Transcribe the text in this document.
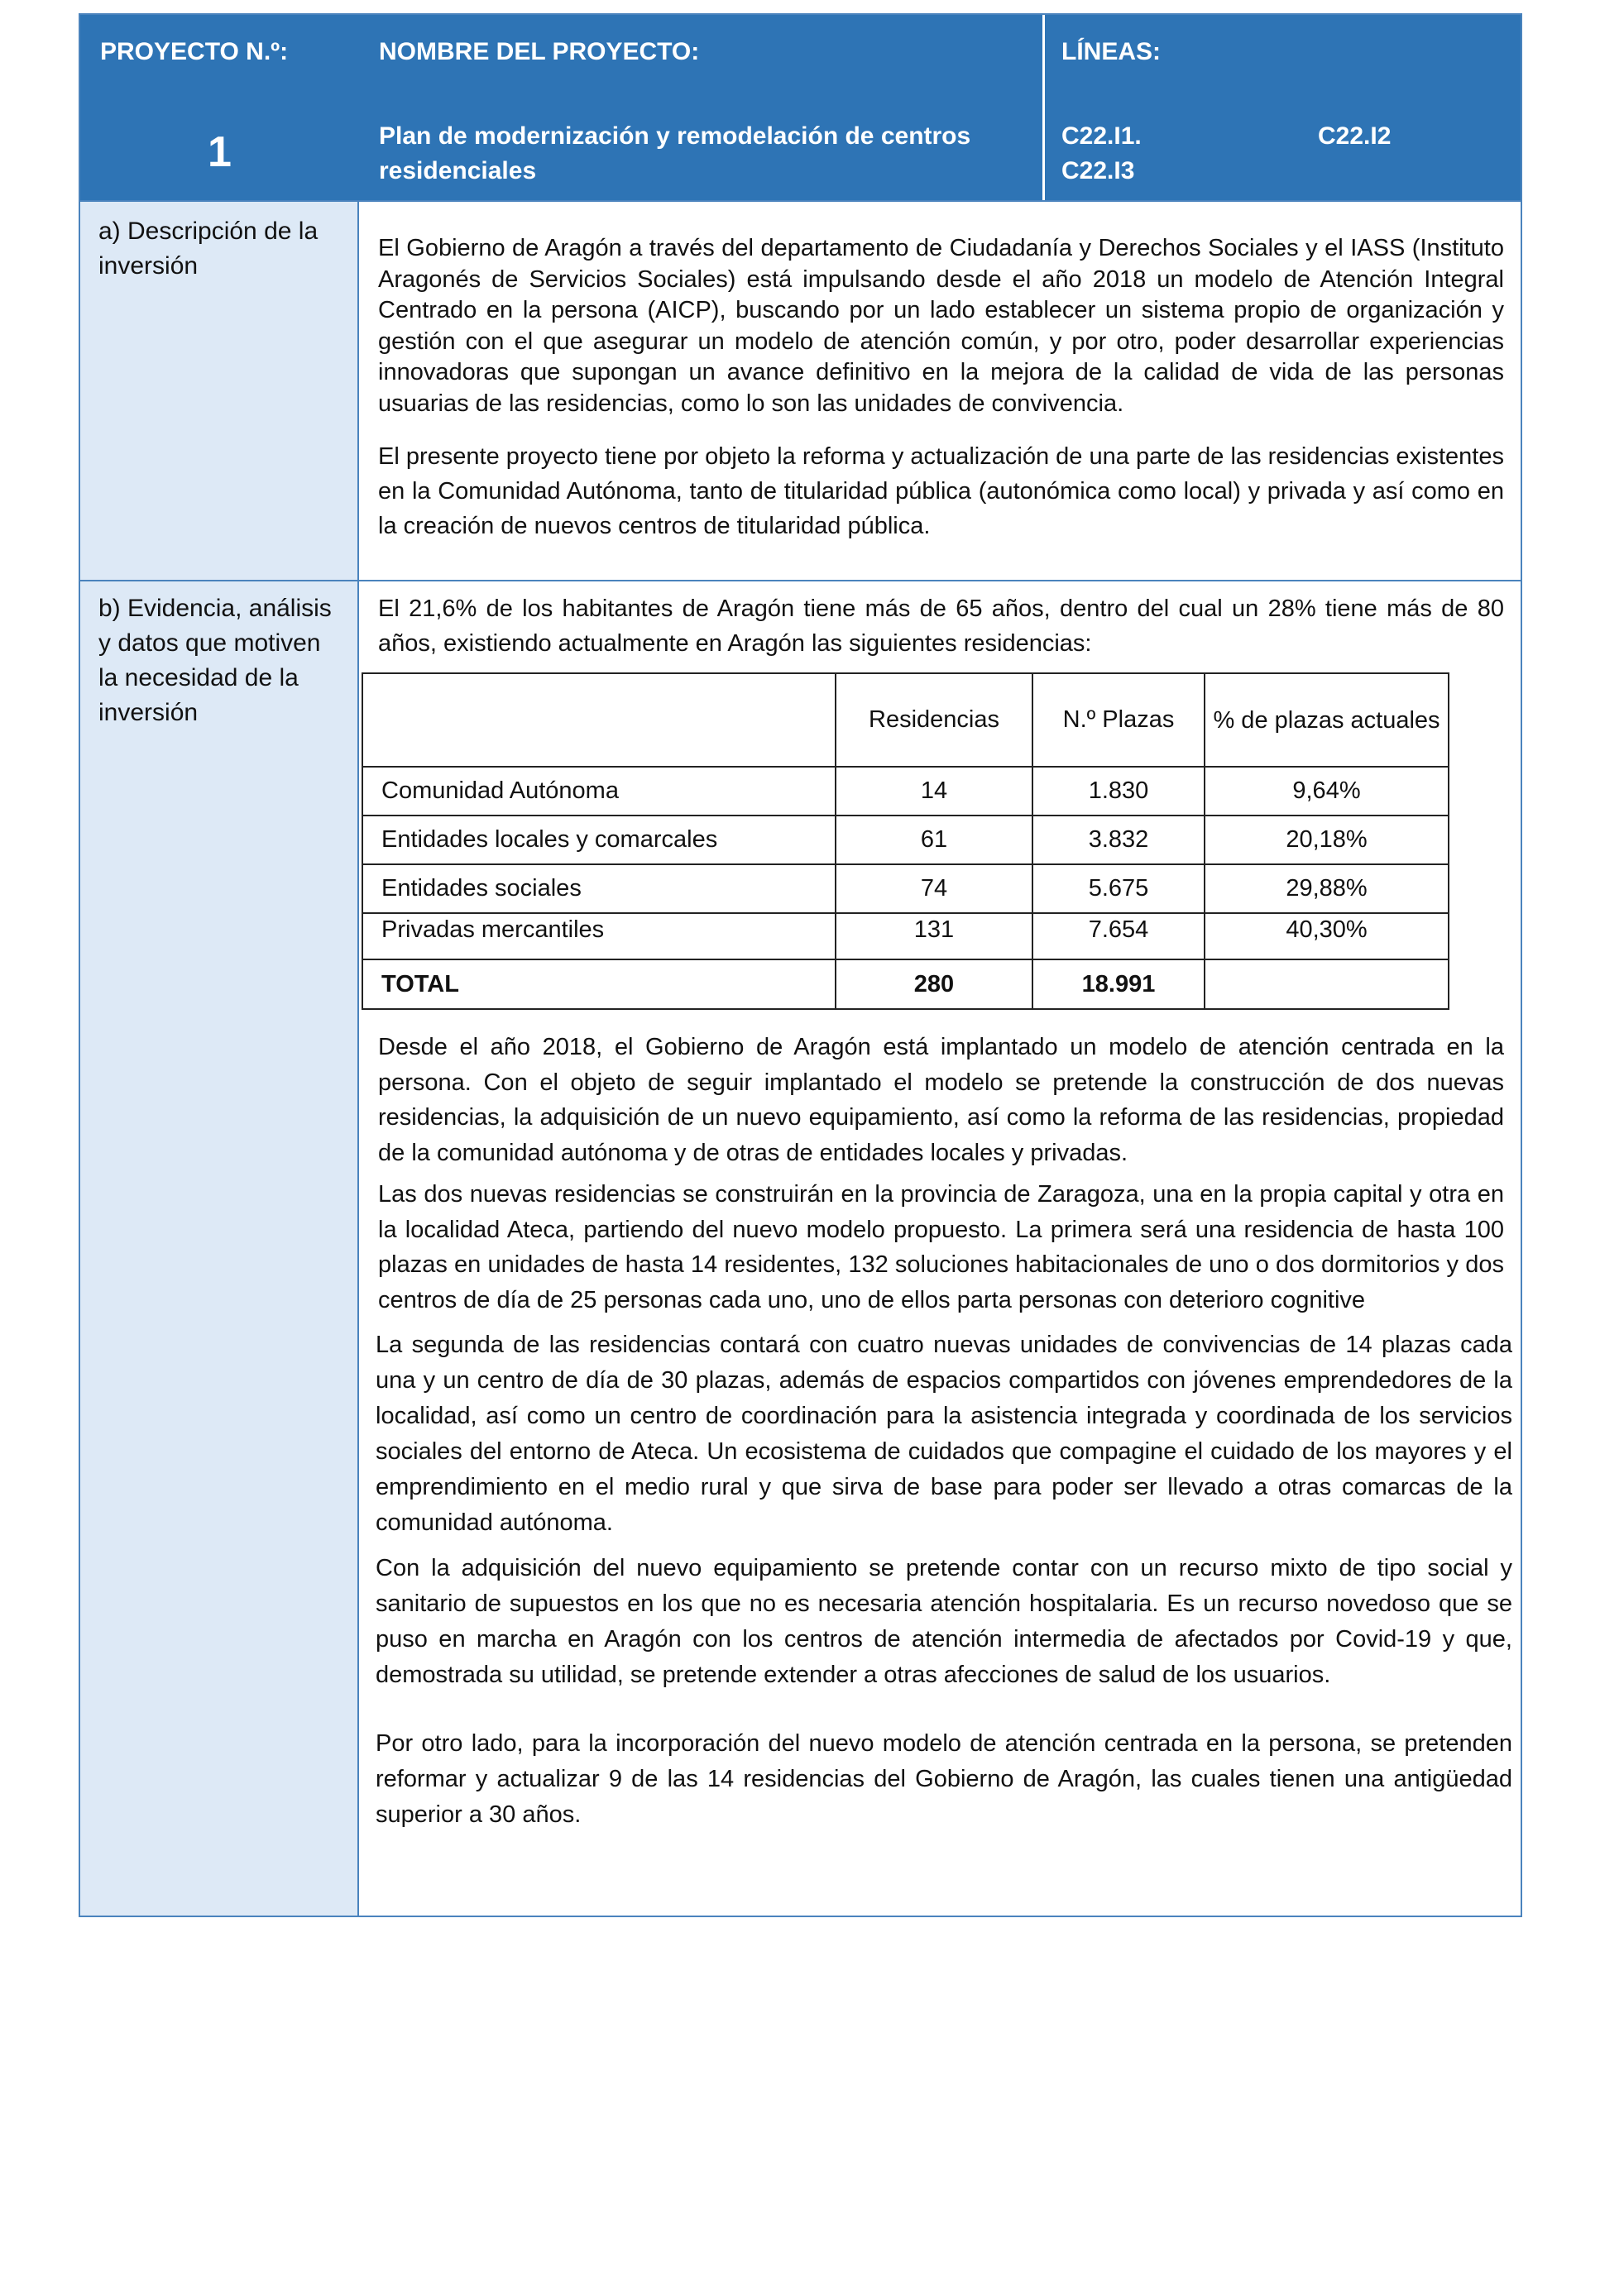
PROYECTO N.º:
1
NOMBRE DEL PROYECTO:
Plan de modernización y remodelación de centros residenciales
LÍNEAS:
C22.I1.	C22.I2
C22.I3
a) Descripción de la inversión

El Gobierno de Aragón a través del departamento de Ciudadanía y Derechos Sociales y el IASS (Instituto Aragonés de Servicios Sociales) está impulsando desde el año 2018 un modelo de Atención Integral Centrado en la persona (AICP), buscando por un lado establecer un sistema propio de organización y gestión con el que asegurar un modelo de atención común, y por otro, poder desarrollar experiencias innovadoras que supongan un avance definitivo en la mejora de la calidad de vida de las personas usuarias de las residencias, como lo son las unidades de convivencia.

El presente proyecto tiene por objeto la reforma y actualización de una parte de las residencias existentes en la Comunidad Autónoma, tanto de titularidad pública (autonómica como local) y privada y así como en la creación de nuevos centros de titularidad pública.

b) Evidencia, análisis y datos que motiven la necesidad de la inversión

El 21,6% de los habitantes de Aragón tiene más de 65 años, dentro del cual un 28% tiene más de 80 años, existiendo actualmente en Aragón las siguientes residencias:

	Residencias	N.º Plazas	% de plazas actuales
Comunidad Autónoma	14	1.830	9,64%
Entidades locales y comarcales	61	3.832	20,18%
Entidades sociales	74	5.675	29,88%
Privadas mercantiles	131	7.654	40,30%
TOTAL	280	18.991	

Desde el año 2018, el Gobierno de Aragón está implantado un modelo de atención centrada en la persona. Con el objeto de seguir implantado el modelo se pretende la construcción de dos nuevas residencias, la adquisición de un nuevo equipamiento, así como la reforma de las residencias, propiedad de la comunidad autónoma y de otras de entidades locales y privadas.

Las dos nuevas residencias se construirán en la provincia de Zaragoza, una en la propia capital y otra en la localidad Ateca, partiendo del nuevo modelo propuesto. La primera será una residencia de hasta 100 plazas en unidades de hasta 14 residentes, 132 soluciones habitacionales de uno o dos dormitorios y dos centros de día de 25 personas cada uno, uno de ellos parta personas con deterioro cognitive

La segunda de las residencias contará con cuatro nuevas unidades de convivencias de 14 plazas cada una y un centro de día de 30 plazas, además de espacios compartidos con jóvenes emprendedores de la localidad, así como un centro de coordinación para la asistencia integrada y coordinada de los servicios sociales del entorno de Ateca. Un ecosistema de cuidados que compagine el cuidado de los mayores y el emprendimiento en el medio rural y que sirva de base para poder ser llevado a otras comarcas de la comunidad autónoma.

Con la adquisición del nuevo equipamiento se pretende contar con un recurso mixto de tipo social y sanitario de supuestos en los que no es necesaria atención hospitalaria. Es un recurso novedoso que se puso en marcha en Aragón con los centros de atención intermedia de afectados por Covid-19 y que, demostrada su utilidad, se pretende extender a otras afecciones de salud de los usuarios.

Por otro lado, para la incorporación del nuevo modelo de atención centrada en la persona, se pretenden reformar y actualizar 9 de las 14 residencias del Gobierno de Aragón, las cuales tienen una antigüedad superior a 30 años.
